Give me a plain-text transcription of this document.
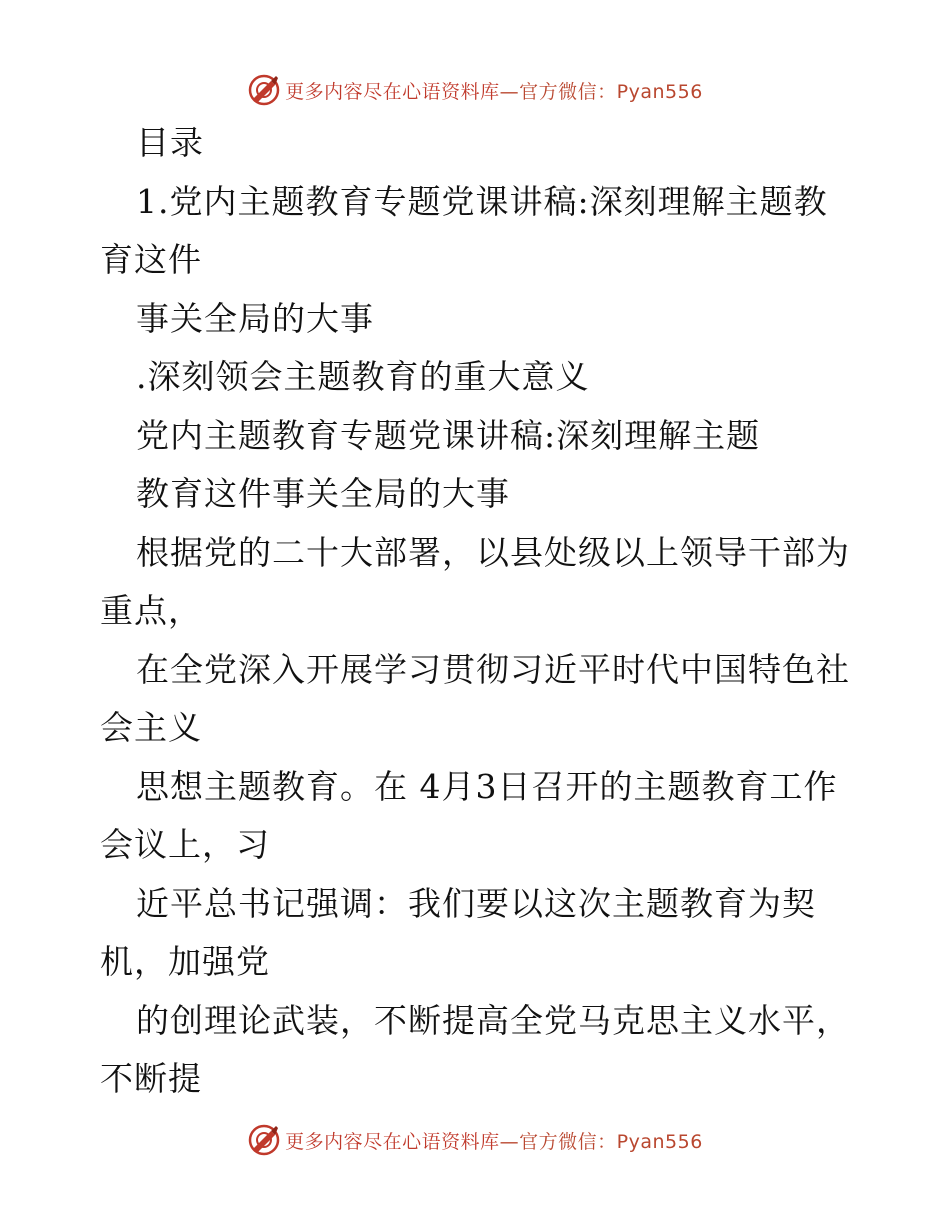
更多内容尽在心语资料库—官方微信：Pyan556
目录
1.党内主题教育专题党课讲稿:深刻理解主题教
育这件
事关全局的大事
.深刻领会主题教育的重大意义
党内主题教育专题党课讲稿:深刻理解主题
教育这件事关全局的大事
根据党的二十大部署，以县处级以上领导干部为
重点，
在全党深入开展学习贯彻习近平时代中国特色社
会主义
思想主题教育。在 4月3日召开的主题教育工作
会议上，习
近平总书记强调：我们要以这次主题教育为契
机，加强党
的创理论武装，不断提高全党马克思主义水平，
不断提
更多内容尽在心语资料库—官方微信：Pyan556
